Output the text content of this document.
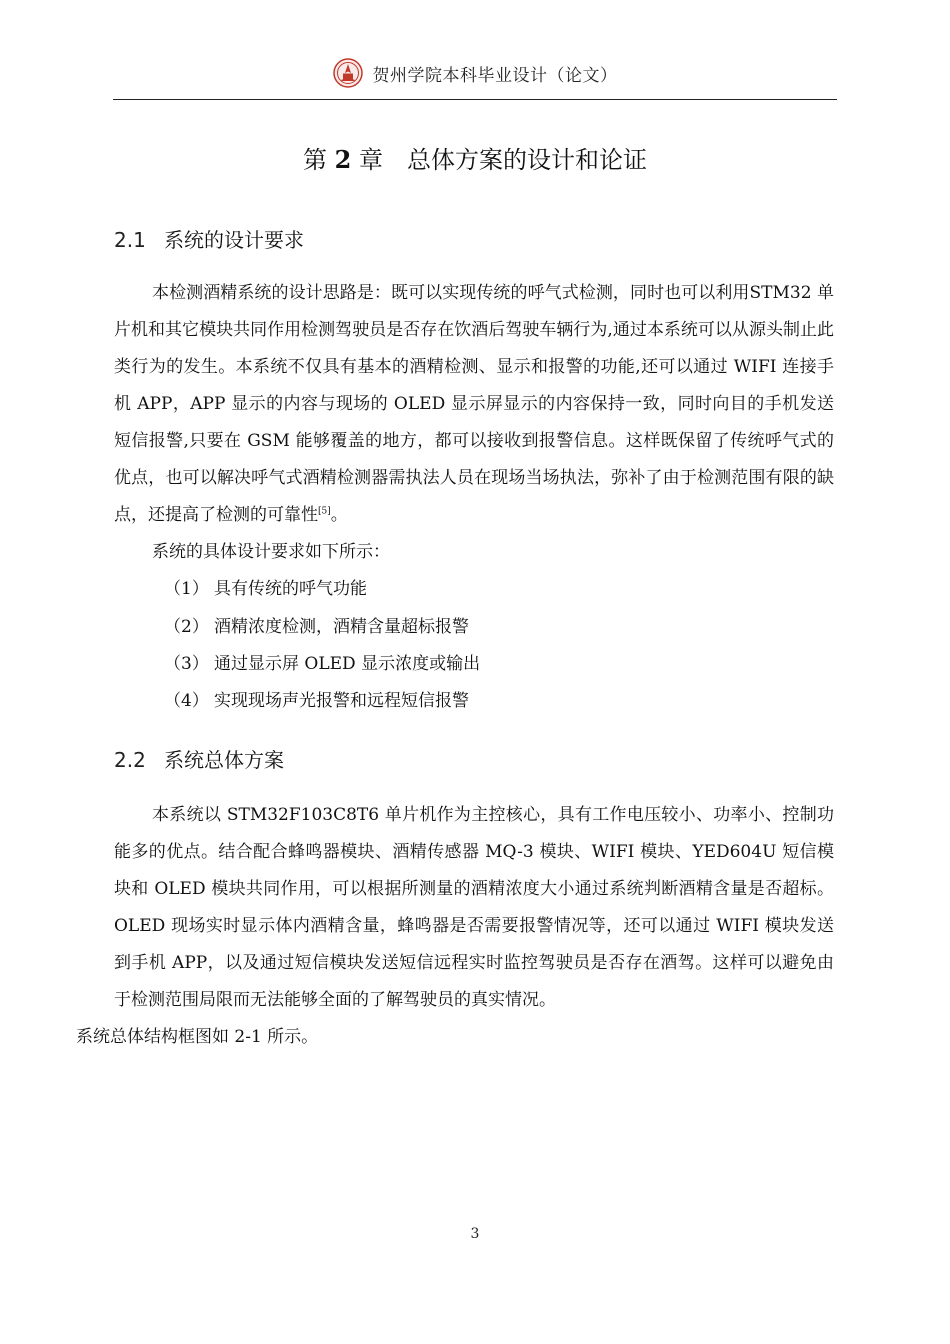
贺州学院本科毕业设计（论文）
第 2 章 总体方案的设计和论证
2.1 系统的设计要求
本检测酒精系统的设计思路是：既可以实现传统的呼气式检测，同时也可以利用STM32 单片机和其它模块共同作用检测驾驶员是否存在饮酒后驾驶车辆行为,通过本系统可以从源头制止此类行为的发生。本系统不仅具有基本的酒精检测、显示和报警的功能,还可以通过 WIFI 连接手机 APP，APP 显示的内容与现场的 OLED 显示屏显示的内容保持一致，同时向目的手机发送短信报警,只要在 GSM 能够覆盖的地方，都可以接收到报警信息。这样既保留了传统呼气式的优点，也可以解决呼气式酒精检测器需执法人员在现场当场执法，弥补了由于检测范围有限的缺点，还提高了检测的可靠性[5]。
系统的具体设计要求如下所示：
（1） 具有传统的呼气功能
（2） 酒精浓度检测，酒精含量超标报警
（3） 通过显示屏 OLED 显示浓度或输出
（4） 实现现场声光报警和远程短信报警
2.2 系统总体方案
本系统以 STM32F103C8T6 单片机作为主控核心，具有工作电压较小、功率小、控制功能多的优点。结合配合蜂鸣器模块、酒精传感器 MQ-3 模块、WIFI 模块、YED604U 短信模块和 OLED 模块共同作用，可以根据所测量的酒精浓度大小通过系统判断酒精含量是否超标。OLED 现场实时显示体内酒精含量，蜂鸣器是否需要报警情况等，还可以通过 WIFI 模块发送到手机 APP，以及通过短信模块发送短信远程实时监控驾驶员是否存在酒驾。这样可以避免由于检测范围局限而无法能够全面的了解驾驶员的真实情况。
系统总体结构框图如 2-1 所示。
3
